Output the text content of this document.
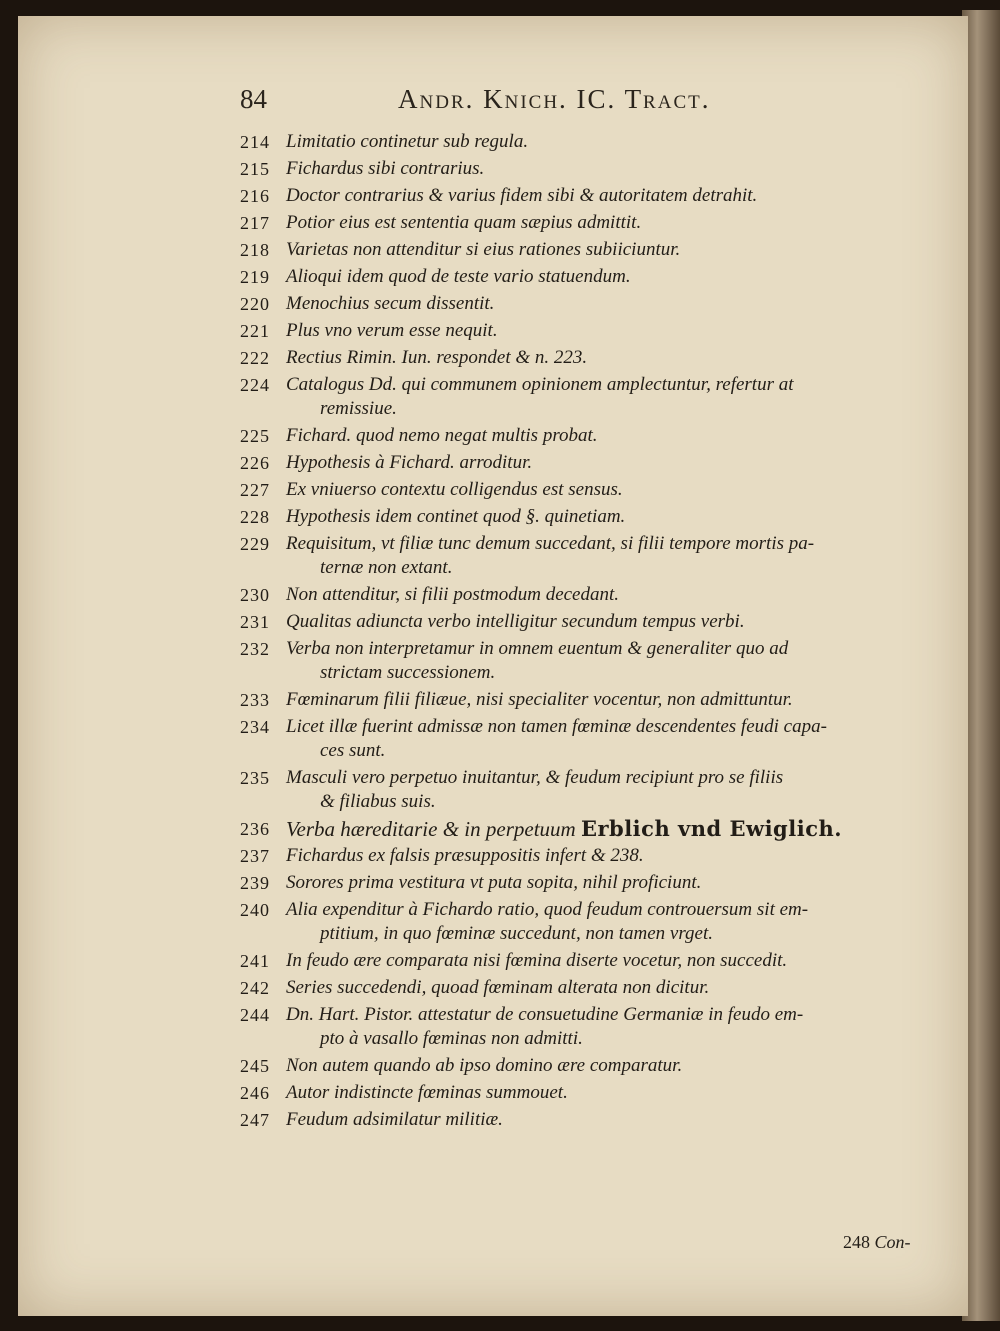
84	Andr. Knich. IC. Tract.
214 Limitatio continetur sub regula.
215 Fichardus sibi contrarius.
216 Doctor contrarius & varius fidem sibi & autoritatem detrahit.
217 Potior eius est sententia quam sæpius admittit.
218 Varietas non attenditur si eius rationes subiiciuntur.
219 Alioqui idem quod de teste vario statuendum.
220 Menochius secum dissentit.
221 Plus vno verum esse nequit.
222 Rectius Rimin. Iun. respondet & n. 223.
224 Catalogus Dd. qui communem opinionem amplectuntur, refertur at
remissiue.
225 Fichard. quod nemo negat multis probat.
226 Hypothesis à Fichard. arroditur.
227 Ex vniuerso contextu colligendus est sensus.
228 Hypothesis idem continet quod §. quinetiam.
229 Requisitum, vt filiæ tunc demum succedant, si filii tempore mortis pa-
ternæ non extant.
230 Non attenditur, si filii postmodum decedant.
231 Qualitas adiuncta verbo intelligitur secundum tempus verbi.
232 Verba non interpretamur in omnem euentum & generaliter quo ad
strictam successionem.
233 Fœminarum filii filiæue, nisi specialiter vocentur, non admittuntur.
234 Licet illæ fuerint admissæ non tamen fœminæ descendentes feudi capa-
ces sunt.
235 Masculi vero perpetuo inuitantur, & feudum recipiunt pro se filiis
& filiabus suis.
236 Verba hæreditarie & in perpetuum Erblich vnd Ewiglich.
237 Fichardus ex falsis præsuppositis infert & 238.
239 Sorores prima vestitura vt puta sopita, nihil proficiunt.
240 Alia expenditur à Fichardo ratio, quod feudum controuersum sit em-
ptitium, in quo fœminæ succedunt, non tamen vrget.
241 In feudo ære comparata nisi fœmina diserte vocetur, non succedit.
242 Series succedendi, quoad fœminam alterata non dicitur.
244 Dn. Hart. Pistor. attestatur de consuetudine Germaniæ in feudo em-
pto à vasallo fœminas non admitti.
245 Non autem quando ab ipso domino ære comparatur.
246 Autor indistincte fœminas summouet.
247 Feudum adsimilatur militiæ.
248 Con-
